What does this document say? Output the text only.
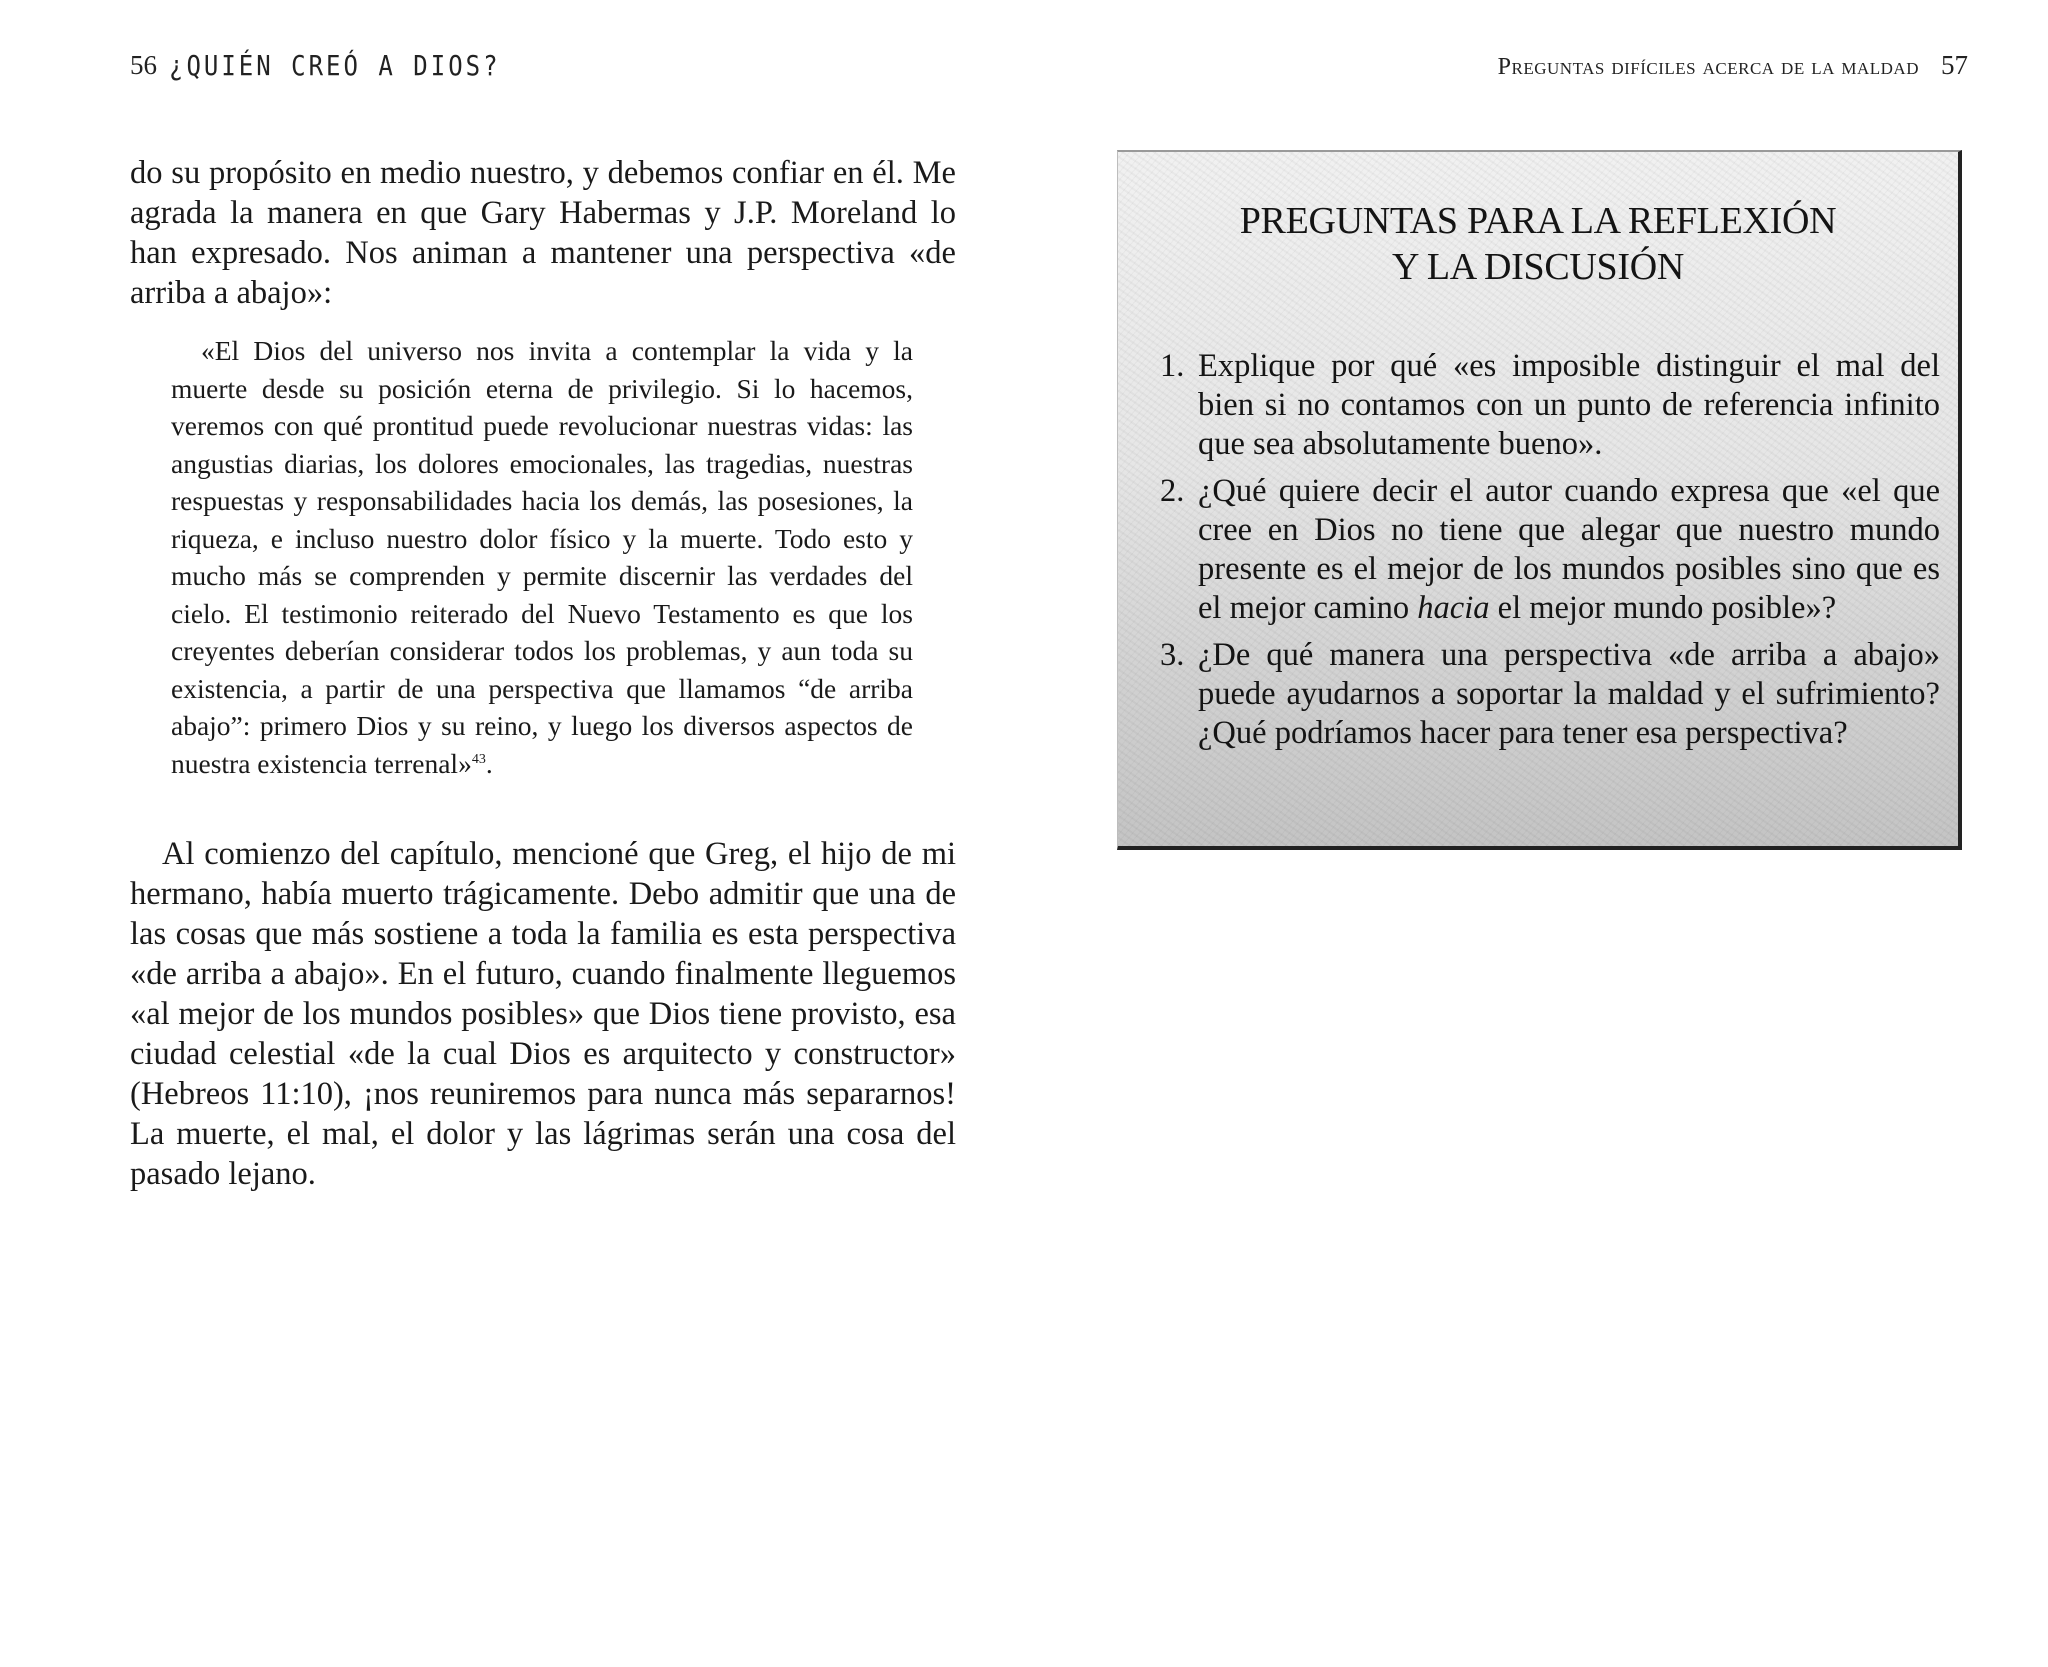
56 ¿QUIÉN CREÓ A DIOS?

do su propósito en medio nuestro, y debemos confiar en él. Me agrada la manera en que Gary Habermas y J.P. Moreland lo han expresado. Nos animan a mantener una perspectiva «de arriba a abajo»:

«El Dios del universo nos invita a contemplar la vida y la muerte desde su posición eterna de privilegio. Si lo hacemos, veremos con qué prontitud puede revolucionar nuestras vidas: las angustias diarias, los dolores emocionales, las tragedias, nuestras respuestas y responsabilidades hacia los demás, las posesiones, la riqueza, e incluso nuestro dolor físico y la muerte. Todo esto y mucho más se comprenden y permite discernir las verdades del cielo. El testimonio reiterado del Nuevo Testamento es que los creyentes deberían considerar todos los problemas, y aun toda su existencia, a partir de una perspectiva que llamamos “de arriba abajo”: primero Dios y su reino, y luego los diversos aspectos de nuestra existencia terrenal»$^{43}$.

Al comienzo del capítulo, mencioné que Greg, el hijo de mi hermano, había muerto trágicamente. Debo admitir que una de las cosas que más sostiene a toda la familia es esta perspectiva «de arriba a abajo». En el futuro, cuando finalmente lleguemos «al mejor de los mundos posibles» que Dios tiene provisto, esa ciudad celestial «de la cual Dios es arquitecto y constructor» (Hebreos 11:10), ¡nos reuniremos para nunca más separarnos! La muerte, el mal, el dolor y las lágrimas serán una cosa del pasado lejano.

Preguntas difíciles acerca de la maldad 57
PREGUNTAS PARA LA REFLEXIÓN
Y LA DISCUSIÓN
1. Explique por qué «es imposible distinguir el mal del bien si no contamos con un punto de referencia infinito que sea absolutamente bueno».
2. ¿Qué quiere decir el autor cuando expresa que «el que cree en Dios no tiene que alegar que nuestro mundo presente es el mejor de los mundos posibles sino que es el mejor camino hacia el mejor mundo posible»?
3. ¿De qué manera una perspectiva «de arriba a abajo» puede ayudarnos a soportar la maldad y el sufrimiento? ¿Qué podríamos hacer para tener esa perspectiva?
